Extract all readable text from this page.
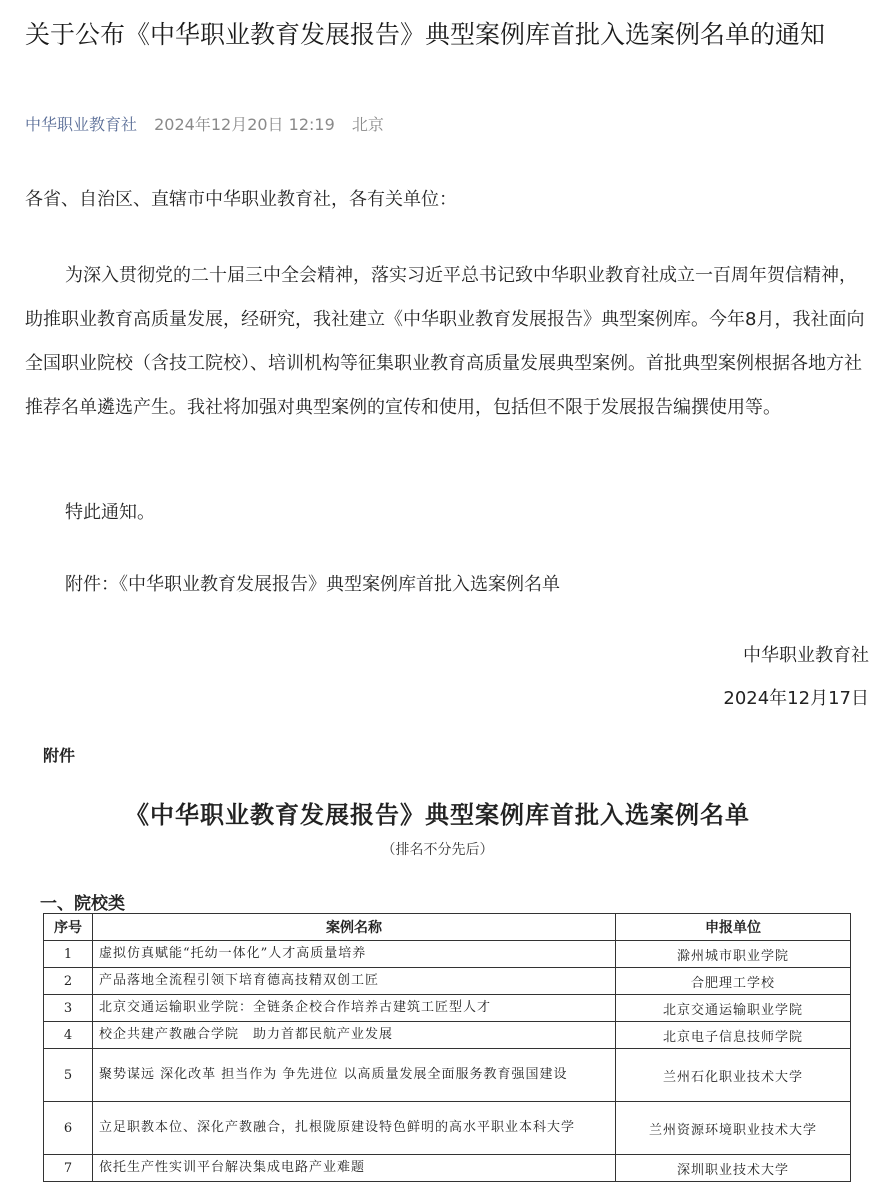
关于公布《中华职业教育发展报告》典型案例库首批入选案例名单的通知
中华职业教育社 2024年12月20日 12:19 北京

各省、自治区、直辖市中华职业教育社，各有关单位：

为深入贯彻党的二十届三中全会精神，落实习近平总书记致中华职业教育社成立一百周年贺信精神，助推职业教育高质量发展，经研究，我社建立《中华职业教育发展报告》典型案例库。今年8月，我社面向全国职业院校（含技工院校）、培训机构等征集职业教育高质量发展典型案例。首批典型案例根据各地方社推荐名单遴选产生。我社将加强对典型案例的宣传和使用，包括但不限于发展报告编撰使用等。

特此通知。

附件：《中华职业教育发展报告》典型案例库首批入选案例名单

中华职业教育社
2024年12月17日
附件
《中华职业教育发展报告》典型案例库首批入选案例名单
（排名不分先后）
一、院校类
序号	案例名称	申报单位
1	虚拟仿真赋能“托幼一体化”人才高质量培养	滁州城市职业学院
2	产品落地全流程引领下培育德高技精双创工匠	合肥理工学校
3	北京交通运输职业学院：全链条企校合作培养古建筑工匠型人才	北京交通运输职业学院
4	校企共建产教融合学院　助力首都民航产业发展	北京电子信息技师学院
5	聚势谋远 深化改革 担当作为 争先进位 以高质量发展全面服务教育强国建设	兰州石化职业技术大学
6	立足职教本位、深化产教融合，扎根陇原建设特色鲜明的高水平职业本科大学	兰州资源环境职业技术大学
7	依托生产性实训平台解决集成电路产业难题	深圳职业技术大学
